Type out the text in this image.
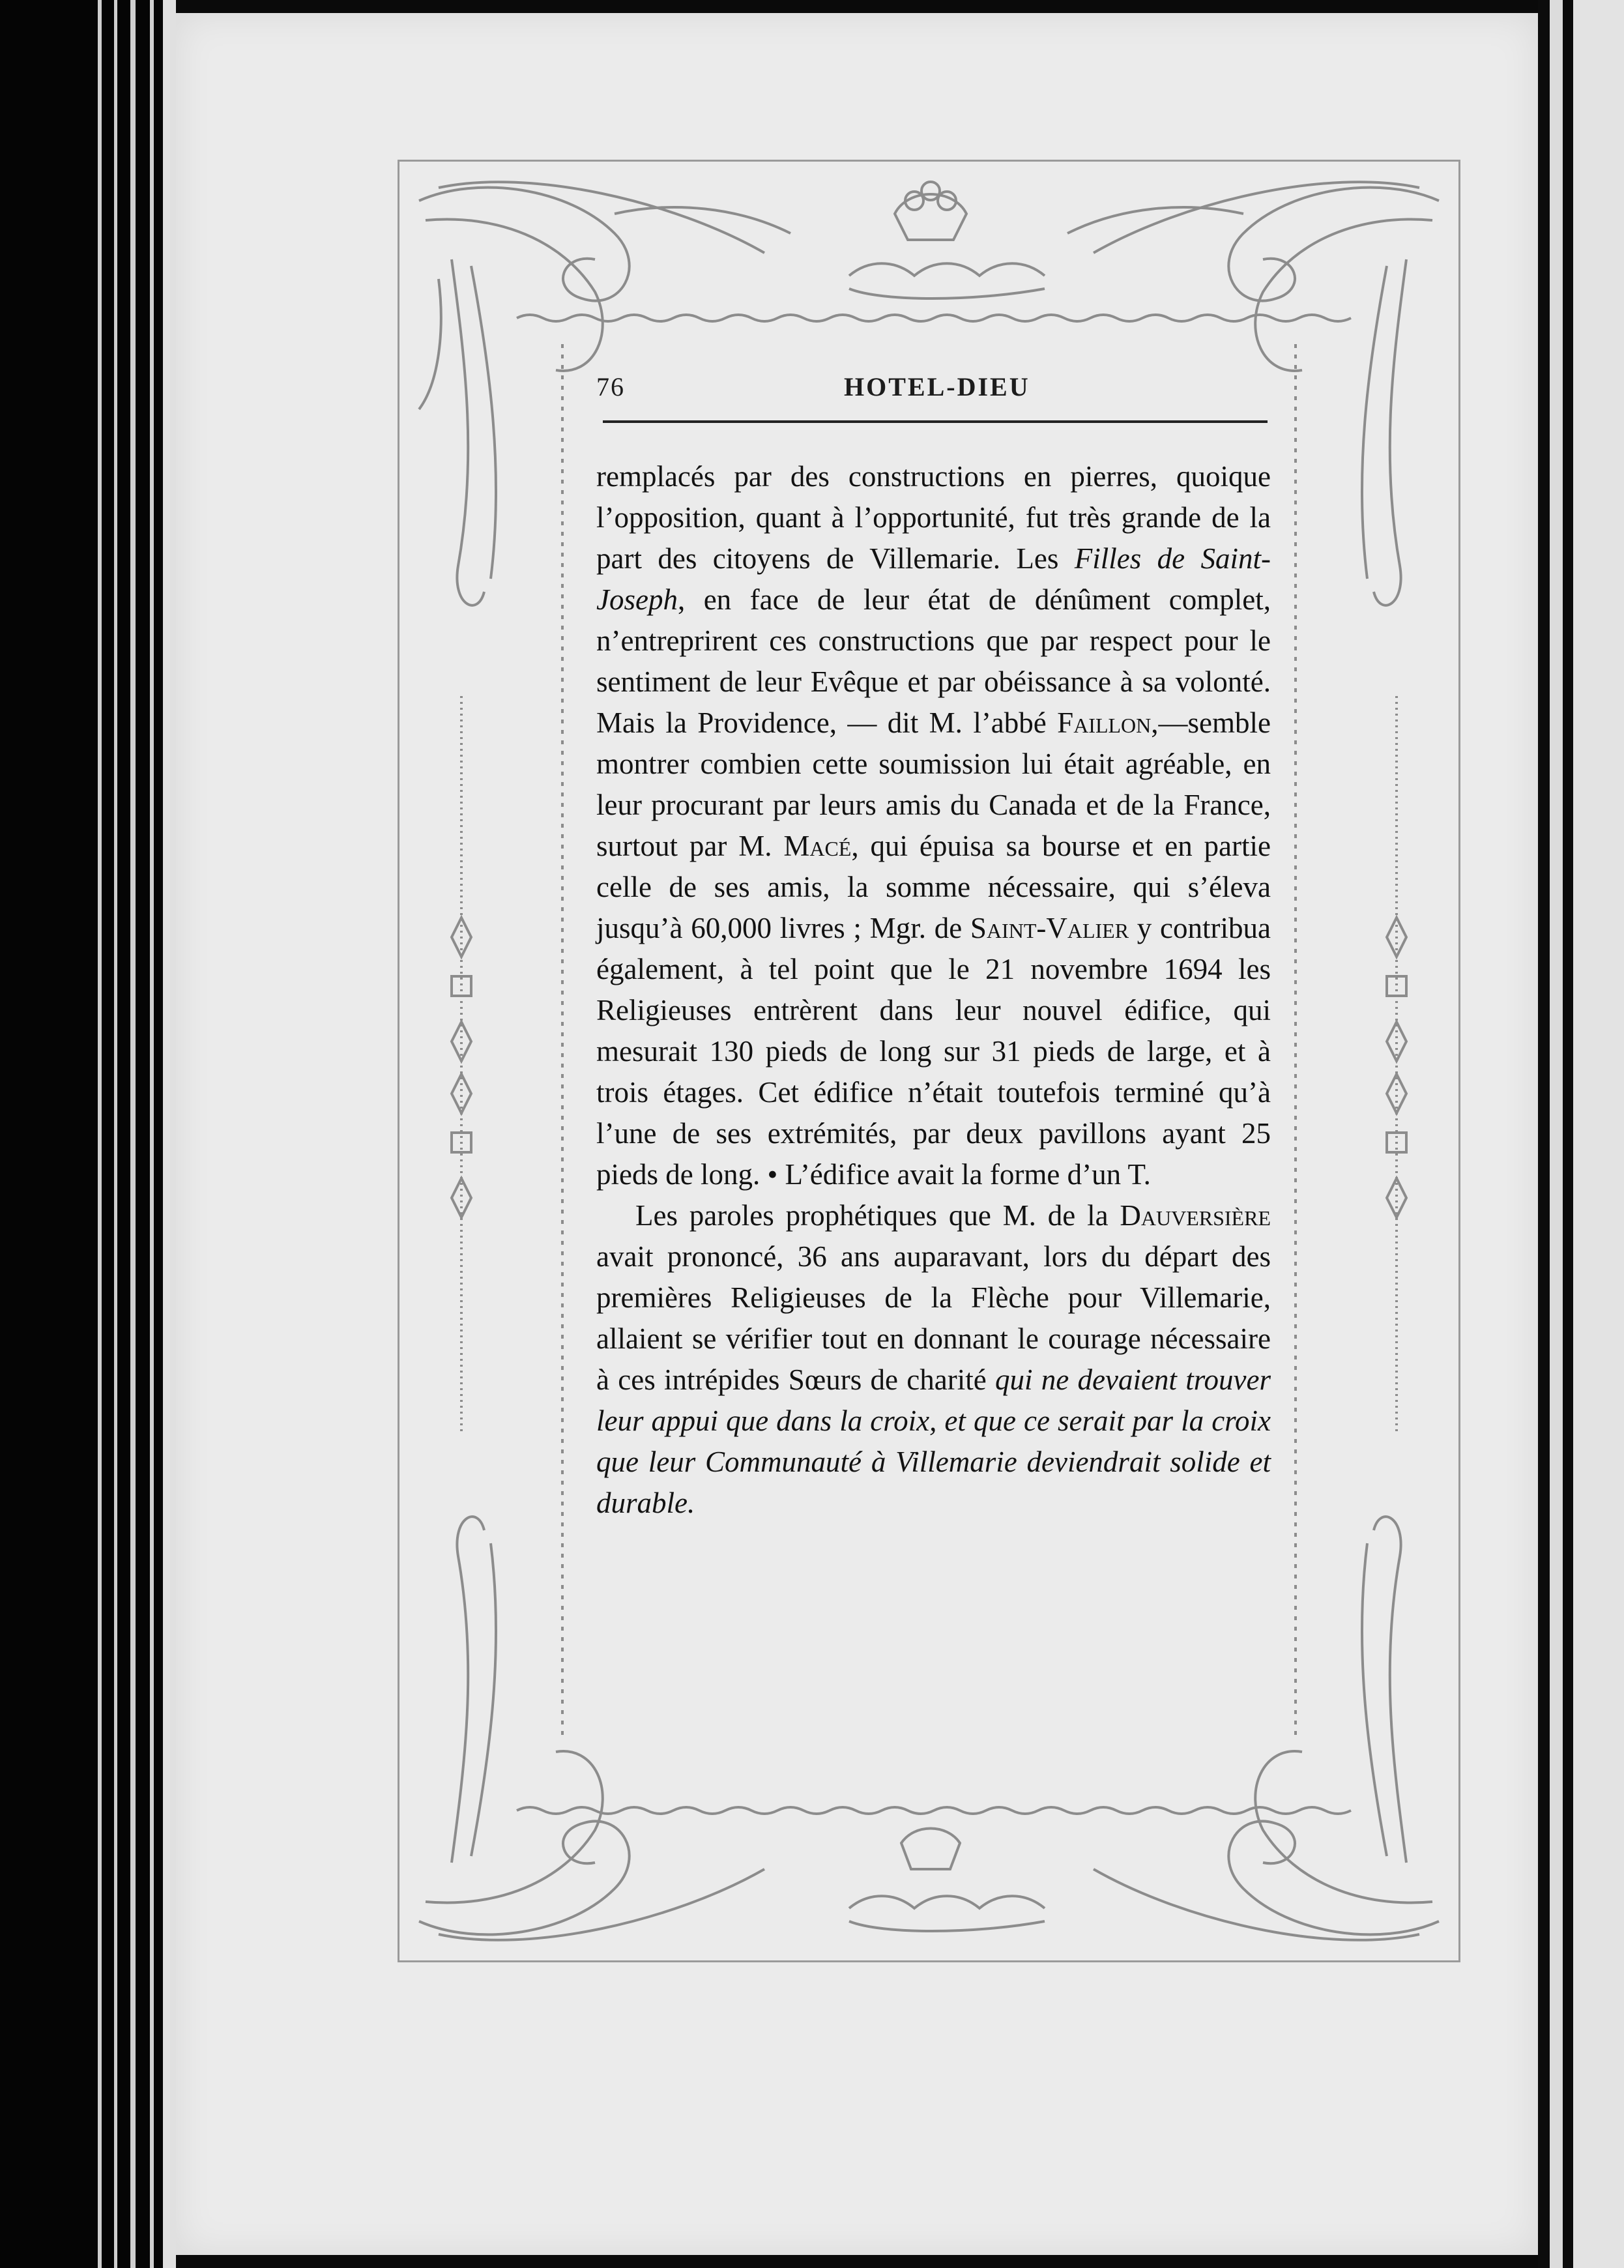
76	HOTEL-DIEU

remplacés par des constructions en pierres, quoique l’opposition, quant à l’opportunité, fut très grande de la part des citoyens de Villemarie. Les Filles de Saint-Joseph, en face de leur état de dénûment complet, n’entreprirent ces constructions que par respect pour le sentiment de leur Evêque et par obéissance à sa volonté. Mais la Providence, — dit M. l’abbé Faillon,—semble montrer combien cette soumission lui était agréable, en leur procurant par leurs amis du Canada et de la France, surtout par M. Macé, qui épuisa sa bourse et en partie celle de ses amis, la somme nécessaire, qui s’éleva jusqu’à 60,000 livres ; Mgr. de Saint-Valier y contribua également, à tel point que le 21 novembre 1694 les Religieuses entrèrent dans leur nouvel édifice, qui mesurait 130 pieds de long sur 31 pieds de large, et à trois étages. Cet édifice n’était toutefois terminé qu’à l’une de ses extrémités, par deux pavillons ayant 25 pieds de long. • L’édifice avait la forme d’un T.

Les paroles prophétiques que M. de la Dauversière avait prononcé, 36 ans auparavant, lors du départ des premières Religieuses de la Flèche pour Villemarie, allaient se vérifier tout en donnant le courage nécessaire à ces intrépides Sœurs de charité qui ne devaient trouver leur appui que dans la croix, et que ce serait par la croix que leur Communauté à Villemarie deviendrait solide et durable.
